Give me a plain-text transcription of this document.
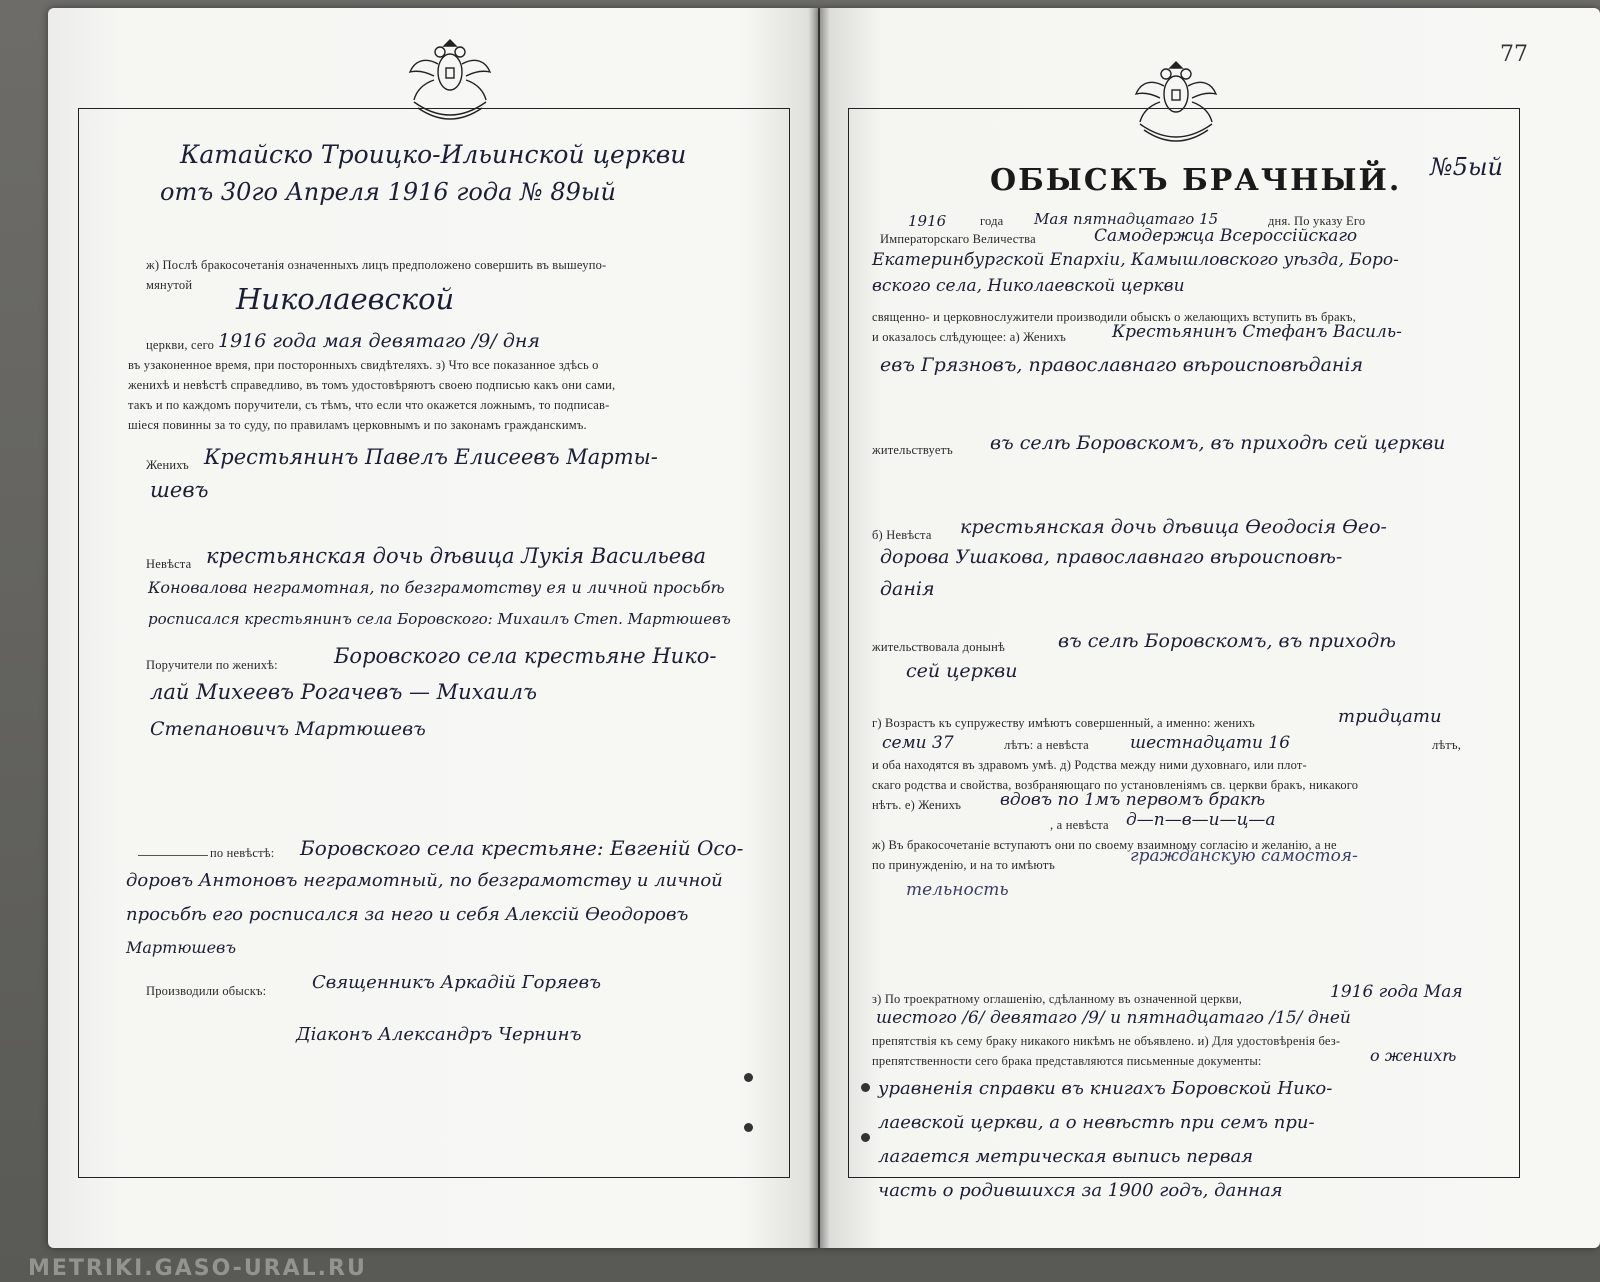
77
Катайско Троицко-Ильинской церкви
отъ 30го Апреля 1916 года № 89ый
ж) Послѣ бракосочетанія означенныхъ лицъ предположено совершить въ вышеупо-
мянутой Николаевской
церкви, сего 1916 года мая девятаго /9/ дня
въ узаконенное время, при посторонныхъ свидѣтеляхъ. з) Что все показанное здѣсь о
женихѣ и невѣстѣ справедливо, въ томъ удостовѣряютъ своею подписью какъ они сами,
такъ и по каждомъ поручители, съ тѣмъ, что если что окажется ложнымъ, то подписав-
шіеся повинны за то суду, по правиламъ церковнымъ и по законамъ гражданскимъ.
Женихъ Крестьянинъ Павелъ Елисеевъ Марты-
шевъ
Невѣста крестьянская дочь дѣвица Лукія Васильева
Коновалова неграмотная, по безграмотству ея и личной просьбѣ
росписался крестьянинъ села Боровского: Михаилъ Степ. Мартюшевъ
Поручители по женихѣ:	Боровского села крестьяне Нико-
лай Михеевъ Рогачевъ — Михаилъ
Степановичъ Мартюшевъ
по невѣстѣ: Боровского села крестьяне: Евгеній Осо-
доровъ Антоновъ неграмотный, по безграмотству и личной
просьбѣ его росписался за него и себя Алексій Өеодоровъ
Мартюшевъ
Производили обыскъ:	Священникъ Аркадій Горяевъ
Діаконъ Александръ Чернинъ
ОБЫСКЪ БРАЧНЫЙ. №5ый
1916	года Мая пятнадцатаго 15	дня. По указу Его
Императорскаго Величества	Самодержца Всероссійскаго
Екатеринбургской Епархіи, Камышловского уѣзда, Боро-
вского села, Николаевской церкви
священно- и церковнослужители производили обыскъ о желающихъ вступить въ бракъ,
и оказалось слѣдующее: а) Женихъ	Крестьянинъ Стефанъ Василь-
евъ Грязновъ, православнаго вѣроисповѣданія
жительствуетъ въ селѣ Боровскомъ, въ приходѣ сей церкви
б) Невѣста крестьянская дочь дѣвица Өеодосія Өео-
дорова Ушакова, православнаго вѣроисповѣ-
данія
жительствовала донынѣ	въ селѣ Боровскомъ, въ приходѣ
сей церкви
г) Возрастъ къ супружеству имѣютъ совершенный, а именно: женихъ	тридцати
семи 37	лѣтъ: а невѣста шестнадцати 16	лѣтъ,
и оба находятся въ здравомъ умѣ. д) Родства между ними духовнаго, или плот-
скаго родства и свойства, возбраняющаго по установленіямъ св. церкви бракъ, никакого
нѣтъ. е) Женихъ вдовъ по 1мъ первомъ бракѣ
, а невѣста д—п—в—и—ц—а
ж) Въ бракосочетаніе вступаютъ они по своему взаимному согласію и желанію, а не
по принужденію, и на то имѣютъ	гражданскую самостоя-
тельность
з) По троекратному оглашенію, сдѣланному въ означенной церкви,	1916 года Мая
шестого /6/ девятаго /9/ и пятнадцатаго /15/ дней
препятствія къ сему браку никакого никѣмъ не объявлено. и) Для удостовѣренія без-
препятственности сего брака представляются письменные документы:	о женихѣ
уравненія справки въ книгахъ Боровской Нико-
лаевской церкви, а о невѣстѣ при семъ при-
лагается метрическая выпись первая
часть о родившихся за 1900 годъ, данная
METRIKI.GASO-URAL.RU
